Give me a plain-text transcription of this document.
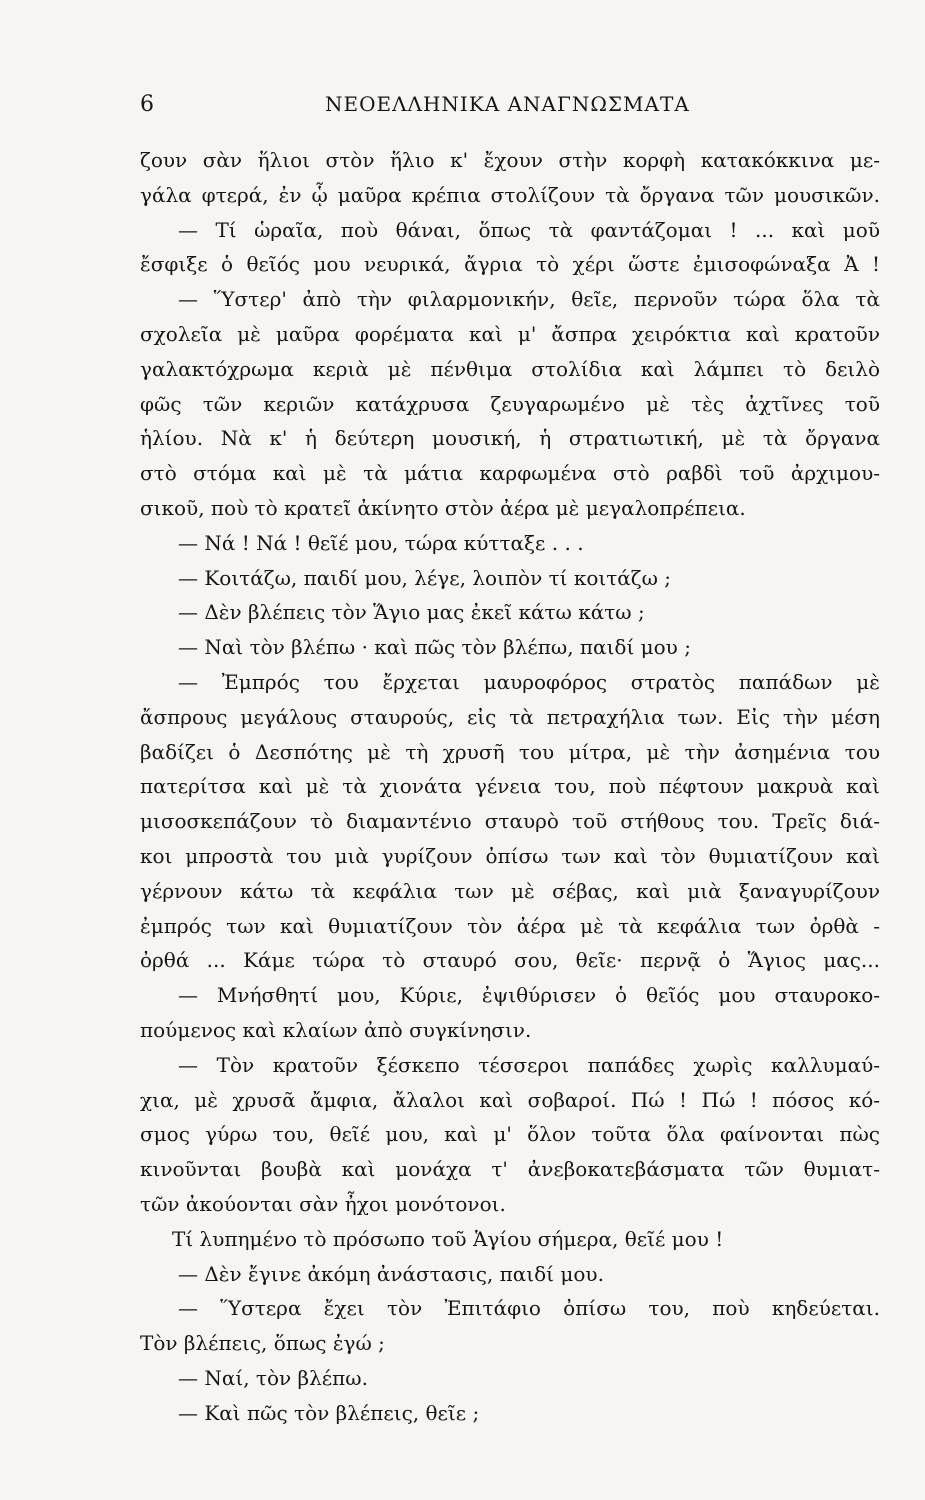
6	ΝΕΟΕΛΛΗΝΙΚΑ ΑΝΑΓΝΩΣΜΑΤΑ
ζουν σὰν ἥλιοι στὸν ἥλιο κ' ἔχουν στὴν κορφὴ κατακόκκινα με-
γάλα φτερά, ἐν ᾧ μαῦρα κρέπια στολίζουν τὰ ὄργανα τῶν μουσικῶν.
— Τί ὡραῖα, ποὺ θάναι, ὅπως τὰ φαντάζομαι ! ... καὶ μοῦ
ἔσφιξε ὁ θεῖός μου νευρικά, ἄγρια τὸ χέρι ὥστε ἐμισοφώναξα Ἀ !
— Ὕστερ' ἀπὸ τὴν φιλαρμονικήν, θεῖε, περνοῦν τώρα ὅλα τὰ
σχολεῖα μὲ μαῦρα φορέματα καὶ μ' ἄσπρα χειρόκτια καὶ κρατοῦν
γαλακτόχρωμα κεριὰ μὲ πένθιμα στολίδια καὶ λάμπει τὸ δειλὸ
φῶς τῶν κεριῶν κατάχρυσα ζευγαρωμένο μὲ τὲς ἀχτῖνες τοῦ
ἡλίου. Νὰ κ' ἡ δεύτερη μουσική, ἡ στρατιωτική, μὲ τὰ ὄργανα
στὸ στόμα καὶ μὲ τὰ μάτια καρφωμένα στὸ ραβδὶ τοῦ ἀρχιμου-
σικοῦ, ποὺ τὸ κρατεῖ ἀκίνητο στὸν ἀέρα μὲ μεγαλοπρέπεια.
— Νά ! Νά ! θεῖέ μου, τώρα κύτταξε . . .
— Κοιτάζω, παιδί μου, λέγε, λοιπὸν τί κοιτάζω ;
— Δὲν βλέπεις τὸν Ἅγιο μας ἐκεῖ κάτω κάτω ;
— Ναὶ τὸν βλέπω · καὶ πῶς τὸν βλέπω, παιδί μου ;
— Ἐμπρός του ἔρχεται μαυροφόρος στρατὸς παπάδων μὲ
ἄσπρους μεγάλους σταυρούς, εἰς τὰ πετραχήλια των. Εἰς τὴν μέση
βαδίζει ὁ Δεσπότης μὲ τὴ χρυσῆ του μίτρα, μὲ τὴν ἀσημένια του
πατερίτσα καὶ μὲ τὰ χιονάτα γένεια του, ποὺ πέφτουν μακρυὰ καὶ
μισοσκεπάζουν τὸ διαμαντένιο σταυρὸ τοῦ στήθους του. Τρεῖς διά-
κοι μπροστὰ του μιὰ γυρίζουν ὀπίσω των καὶ τὸν θυμιατίζουν καὶ
γέρνουν κάτω τὰ κεφάλια των μὲ σέβας, καὶ μιὰ ξαναγυρίζουν
ἐμπρός των καὶ θυμιατίζουν τὸν ἀέρα μὲ τὰ κεφάλια των ὀρθὰ -
ὀρθά ... Κάμε τώρα τὸ σταυρό σου, θεῖε· περνᾷ ὁ Ἅγιος μας...
— Μνήσθητί μου, Κύριε, ἐψιθύρισεν ὁ θεῖός μου σταυροκο-
πούμενος καὶ κλαίων ἀπὸ συγκίνησιν.
— Τὸν κρατοῦν ξέσκεπο τέσσεροι παπάδες χωρὶς καλλυμαύ-
χια, μὲ χρυσᾶ ἄμφια, ἄλαλοι καὶ σοβαροί. Πώ ! Πώ ! πόσος κό-
σμος γύρω του, θεῖέ μου, καὶ μ' ὅλον τοῦτα ὅλα φαίνονται πὼς
κινοῦνται βουβὰ καὶ μονάχα τ' ἀνεβοκατεβάσματα τῶν θυμιατ-
τῶν ἀκούονται σὰν ἦχοι μονότονοι.
Τί λυπημένο τὸ πρόσωπο τοῦ Ἁγίου σήμερα, θεῖέ μου !
— Δὲν ἔγινε ἀκόμη ἀνάστασις, παιδί μου.
— Ὕστερα ἔχει τὸν Ἐπιτάφιο ὀπίσω του, ποὺ κηδεύεται.
Τὸν βλέπεις, ὅπως ἐγώ ;
— Ναί, τὸν βλέπω.
— Καὶ πῶς τὸν βλέπεις, θεῖε ;
